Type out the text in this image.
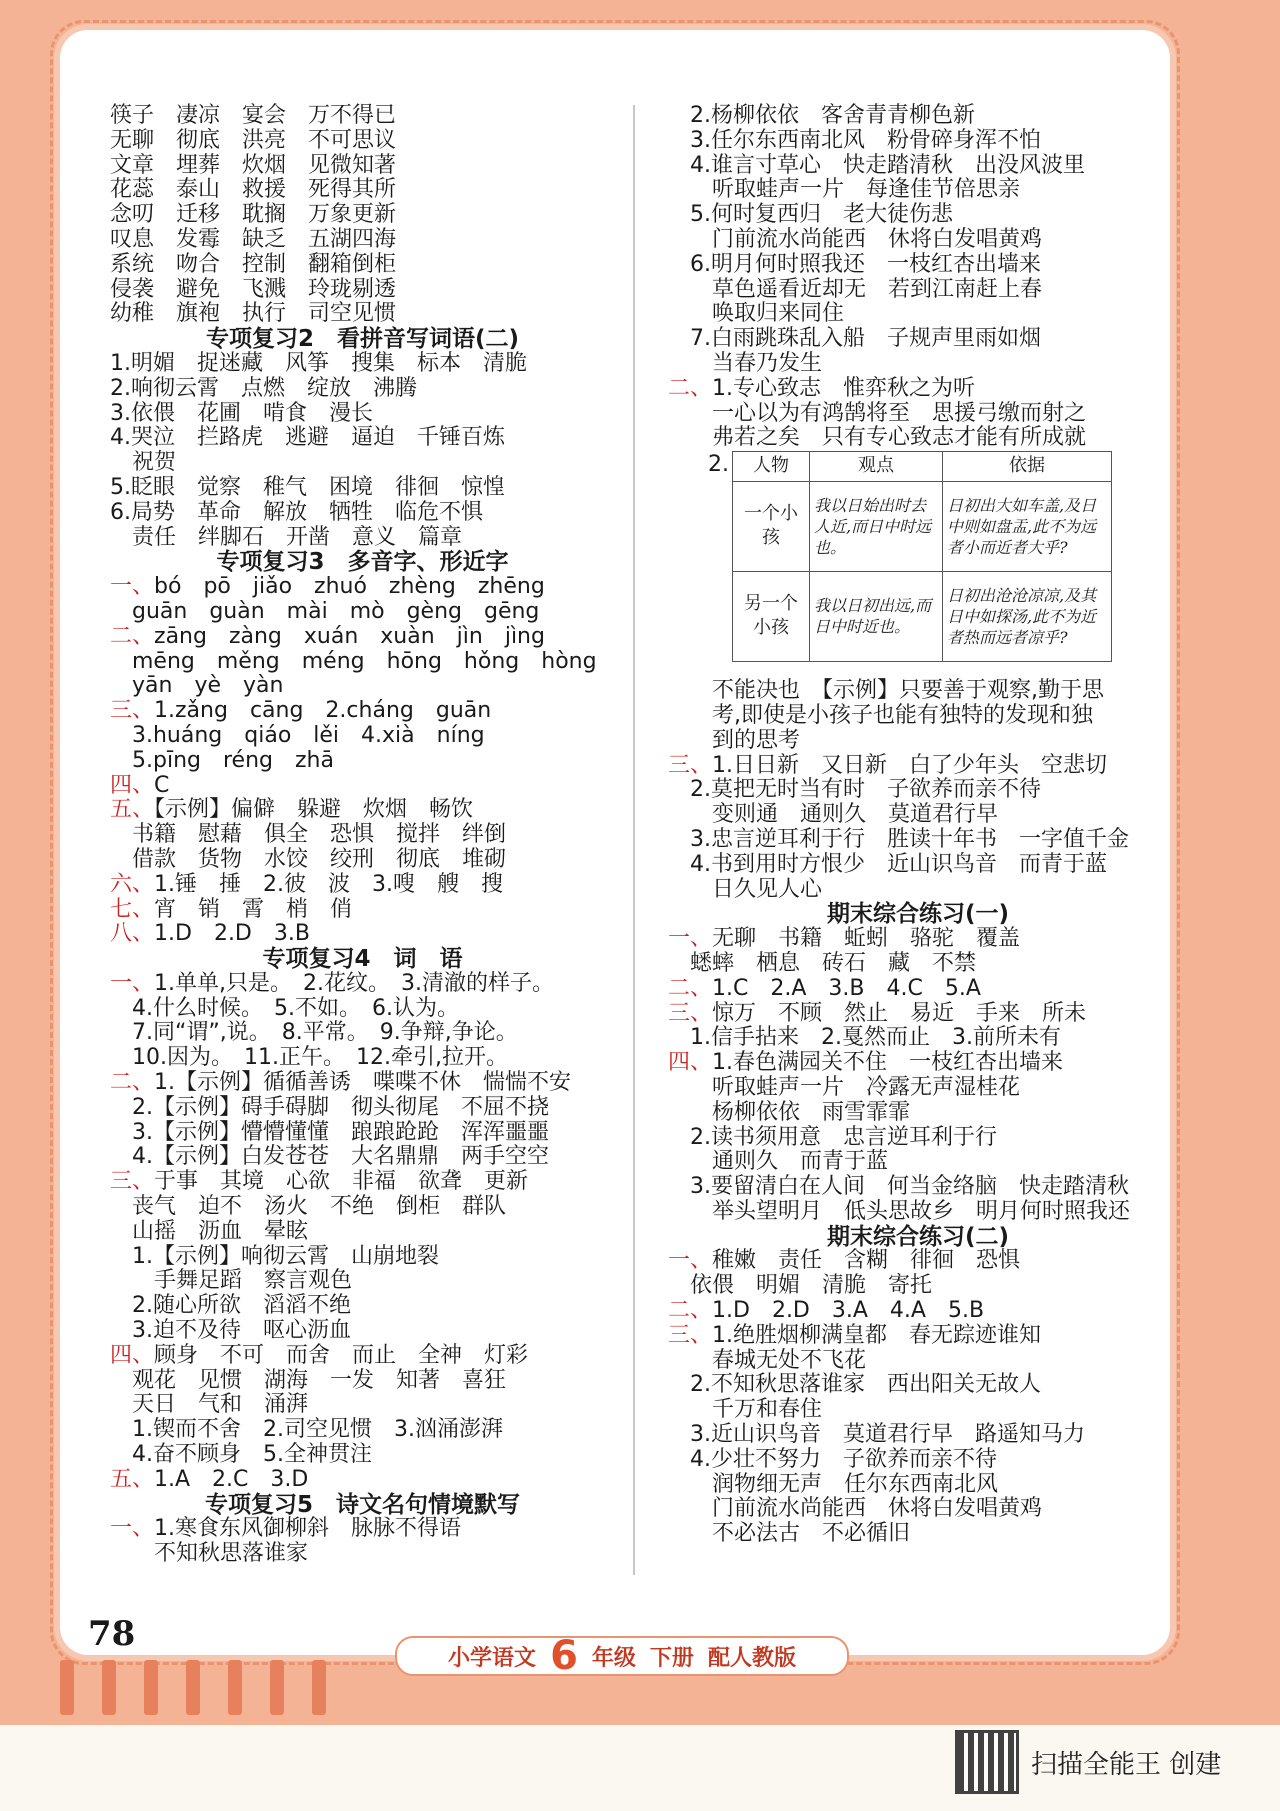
筷子　凄凉　宴会　万不得已
无聊　彻底　洪亮　不可思议
文章　埋葬　炊烟　见微知著
花蕊　泰山　救援　死得其所
念叨　迁移　耽搁　万象更新
叹息　发霉　缺乏　五湖四海
系统　吻合　控制　翻箱倒柜
侵袭　避免　飞溅　玲珑剔透
幼稚　旗袍　执行　司空见惯
专项复习2　看拼音写词语(二)
1.明媚　捉迷藏　风筝　搜集　标本　清脆
2.响彻云霄　点燃　绽放　沸腾
3.依偎　花圃　啃食　漫长
4.哭泣　拦路虎　逃避　逼迫　千锤百炼
　祝贺
5.眨眼　觉察　稚气　困境　徘徊　惊惶
6.局势　革命　解放　牺牲　临危不惧
　责任　绊脚石　开凿　意义　篇章
专项复习3　多音字、形近字
一、bó　pō　jiǎo　zhuó　zhèng　zhēng
　guān　guàn　mài　mò　gèng　gēng
二、zāng　zàng　xuán　xuàn　jìn　jìng
　mēng　měng　méng　hōng　hǒng　hòng
　yān　yè　yàn
三、1.zǎng　cāng　2.cháng　guān
　3.huáng　qiáo　lěi　4.xià　níng
　5.pīng　réng　zhā
四、C
五、【示例】偏僻　躲避　炊烟　畅饮
　书籍　慰藉　俱全　恐惧　搅拌　绊倒
　借款　货物　水饺　绞刑　彻底　堆砌
六、1.锤　捶　2.彼　波　3.嗖　艘　搜
七、宵　销　霄　梢　俏
八、1.D　2.D　3.B
专项复习4　词　语
一、1.单单,只是。　2.花纹。　3.清澈的样子。
　4.什么时候。　5.不如。　6.认为。
　7.同“谓”,说。　8.平常。　9.争辩,争论。
　10.因为。　11.正午。　12.牵引,拉开。
二、1.【示例】循循善诱　喋喋不休　惴惴不安
　2.【示例】碍手碍脚　彻头彻尾　不屈不挠
　3.【示例】懵懵懂懂　踉踉跄跄　浑浑噩噩
　4.【示例】白发苍苍　大名鼎鼎　两手空空
三、于事　其境　心欲　非福　欲聋　更新
　丧气　迫不　汤火　不绝　倒柜　群队
　山摇　沥血　晕眩
　1.【示例】响彻云霄　山崩地裂
　　手舞足蹈　察言观色
　2.随心所欲　滔滔不绝
　3.迫不及待　呕心沥血
四、顾身　不可　而舍　而止　全神　灯彩
　观花　见惯　湖海　一发　知著　喜狂
　天日　气和　涌湃
　1.锲而不舍　2.司空见惯　3.汹涌澎湃
　4.奋不顾身　5.全神贯注
五、1.A　2.C　3.D
专项复习5　诗文名句情境默写
一、1.寒食东风御柳斜　脉脉不得语
　　不知秋思落谁家
　2.杨柳依依　客舍青青柳色新
　3.任尔东西南北风　粉骨碎身浑不怕
　4.谁言寸草心　快走踏清秋　出没风波里
　　听取蛙声一片　每逢佳节倍思亲
　5.何时复西归　老大徒伤悲
　　门前流水尚能西　休将白发唱黄鸡
　6.明月何时照我还　一枝红杏出墙来
　　草色遥看近却无　若到江南赶上春
　　唤取归来同住
　7.白雨跳珠乱入船　子规声里雨如烟
　　当春乃发生
二、1.专心致志　惟弈秋之为听
　　一心以为有鸿鹄将至　思援弓缴而射之
　　弗若之矣　只有专心致志才能有所成就
2. 人物	观点	依据
一个小孩	我以日始出时去人近,而日中时远也。	日初出大如车盖,及日中则如盘盂,此不为远者小而近者大乎?
另一个小孩	我以日初出远,而日中时近也。	日初出沧沧凉凉,及其日中如探汤,此不为近者热而远者凉乎?
　　不能决也　【示例】只要善于观察,勤于思
　　考,即使是小孩子也能有独特的发现和独
　　到的思考
三、1.日日新　又日新　白了少年头　空悲切
　2.莫把无时当有时　子欲养而亲不待
　　变则通　通则久　莫道君行早
　3.忠言逆耳利于行　胜读十年书　一字值千金
　4.书到用时方恨少　近山识鸟音　而青于蓝
　　日久见人心
期末综合练习(一)
一、无聊　书籍　蚯蚓　骆驼　覆盖
　蟋蟀　栖息　砖石　藏　不禁
二、1.C　2.A　3.B　4.C　5.A
三、惊万　不顾　然止　易近　手来　所未
　1.信手拈来　2.戛然而止　3.前所未有
四、1.春色满园关不住　一枝红杏出墙来
　　听取蛙声一片　冷露无声湿桂花
　　杨柳依依　雨雪霏霏
　2.读书须用意　忠言逆耳利于行
　　通则久　而青于蓝
　3.要留清白在人间　何当金络脑　快走踏清秋
　　举头望明月　低头思故乡　明月何时照我还
期末综合练习(二)
一、稚嫩　责任　含糊　徘徊　恐惧
　依偎　明媚　清脆　寄托
二、1.D　2.D　3.A　4.A　5.B
三、1.绝胜烟柳满皇都　春无踪迹谁知
　　春城无处不飞花
　2.不知秋思落谁家　西出阳关无故人
　　千万和春住
　3.近山识鸟音　莫道君行早　路遥知马力
　4.少壮不努力　子欲养而亲不待
　　润物细无声　任尔东西南北风
　　门前流水尚能西　休将白发唱黄鸡
　　不必法古　不必循旧
78
小学语文 6 年级 下册 配人教版
扫描全能王 创建
